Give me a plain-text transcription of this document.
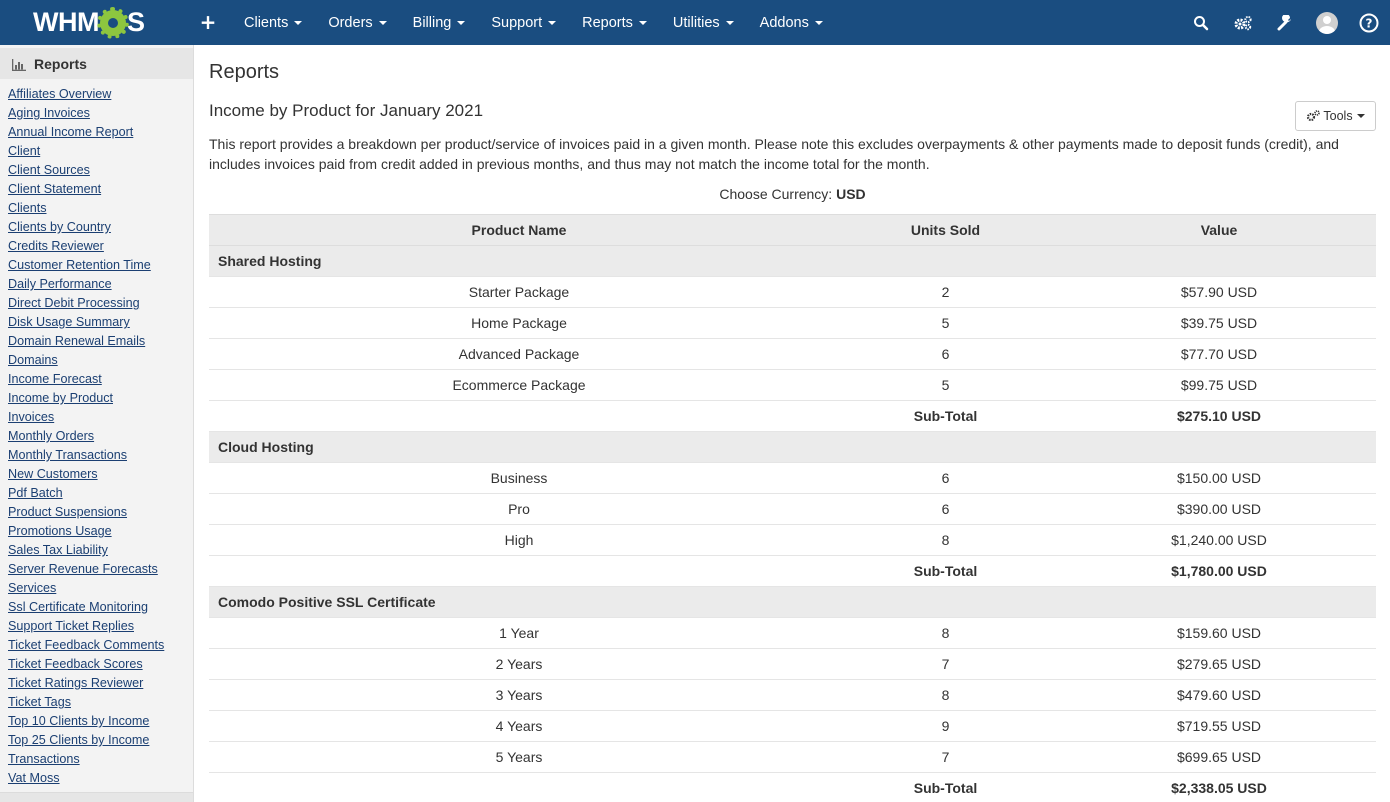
WHM S	+	Clients	Orders	Billing	Support	Reports	Utilities	Addons	?
Reports
Affiliates Overview
Aging Invoices
Annual Income Report
Client
Client Sources
Client Statement
Clients
Clients by Country
Credits Reviewer
Customer Retention Time
Daily Performance
Direct Debit Processing
Disk Usage Summary
Domain Renewal Emails
Domains
Income Forecast
Income by Product
Invoices
Monthly Orders
Monthly Transactions
New Customers
Pdf Batch
Product Suspensions
Promotions Usage
Sales Tax Liability
Server Revenue Forecasts
Services
Ssl Certificate Monitoring
Support Ticket Replies
Ticket Feedback Comments
Ticket Feedback Scores
Ticket Ratings Reviewer
Ticket Tags
Top 10 Clients by Income
Top 25 Clients by Income
Transactions
Vat Moss
Reports
Income by Product for January 2021	Tools
This report provides a breakdown per product/service of invoices paid in a given month. Please note this excludes overpayments & other payments made to deposit funds (credit), and includes invoices paid from credit added in previous months, and thus may not match the income total for the month.
Choose Currency: USD
Product Name	Units Sold	Value
Shared Hosting		
Starter Package	2	$57.90 USD
Home Package	5	$39.75 USD
Advanced Package	6	$77.70 USD
Ecommerce Package	5	$99.75 USD
	Sub-Total	$275.10 USD
Cloud Hosting		
Business	6	$150.00 USD
Pro	6	$390.00 USD
High	8	$1,240.00 USD
	Sub-Total	$1,780.00 USD
Comodo Positive SSL Certificate		
1 Year	8	$159.60 USD
2 Years	7	$279.65 USD
3 Years	8	$479.60 USD
4 Years	9	$719.55 USD
5 Years	7	$699.65 USD
	Sub-Total	$2,338.05 USD
